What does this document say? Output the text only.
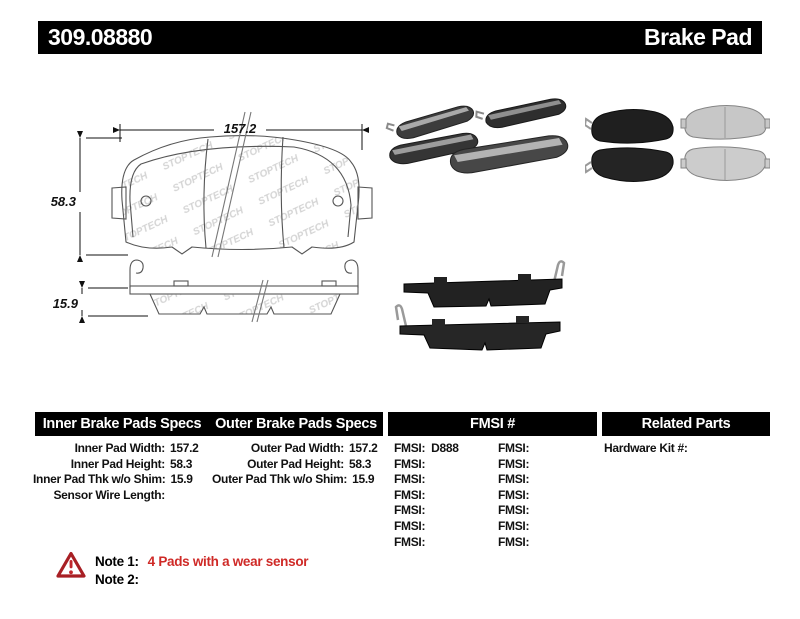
309.08880	Brake Pad
157.2
58.3
15.9
Inner Brake Pads Specs Outer Brake Pads Specs	FMSI #	Related Parts
Inner Pad Width: 157.2
Inner Pad Height: 58.3
Inner Pad Thk w/o Shim: 15.9
Sensor Wire Length:
Outer Pad Width: 157.2
Outer Pad Height: 58.3
Outer Pad Thk w/o Shim: 15.9
FMSI: D888
FMSI:
FMSI:
FMSI:
FMSI:
FMSI:
FMSI:
FMSI:
FMSI:
FMSI:
FMSI:
FMSI:
FMSI:
FMSI:
Hardware Kit #:
Note 1: 4 Pads with a wear sensor
Note 2:
